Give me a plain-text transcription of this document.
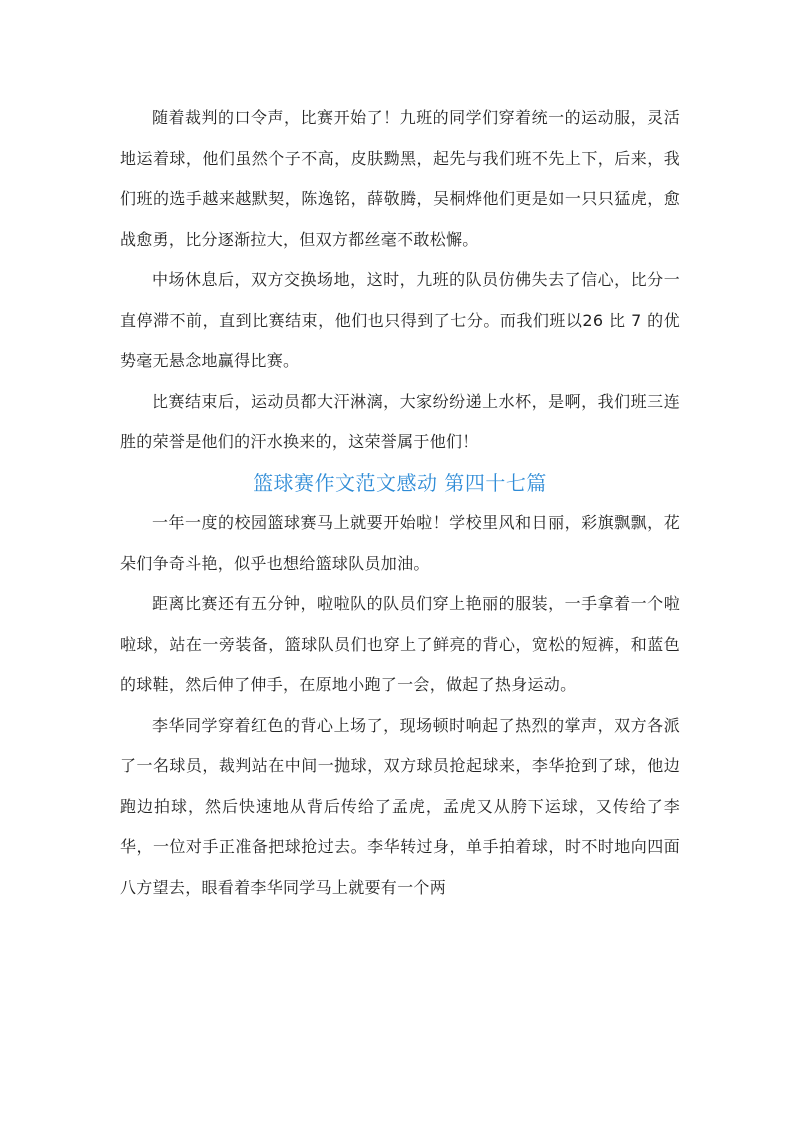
随着裁判的口令声，比赛开始了！九班的同学们穿着统一的运动服，灵活地运着球，他们虽然个子不高，皮肤黝黑，起先与我们班不先上下，后来，我们班的选手越来越默契，陈逸铭，薛敬腾，吴桐烨他们更是如一只只猛虎，愈战愈勇，比分逐渐拉大，但双方都丝毫不敢松懈。

中场休息后，双方交换场地，这时，九班的队员仿佛失去了信心，比分一直停滞不前，直到比赛结束，他们也只得到了七分。而我们班以26 比 7 的优势毫无悬念地赢得比赛。

比赛结束后，运动员都大汗淋漓，大家纷纷递上水杯，是啊，我们班三连胜的荣誉是他们的汗水换来的，这荣誉属于他们！

篮球赛作文范文感动 第四十七篇

一年一度的校园篮球赛马上就要开始啦！学校里风和日丽，彩旗飘飘，花朵们争奇斗艳，似乎也想给篮球队员加油。

距离比赛还有五分钟，啦啦队的队员们穿上艳丽的服装，一手拿着一个啦啦球，站在一旁装备，篮球队员们也穿上了鲜亮的背心，宽松的短裤，和蓝色的球鞋，然后伸了伸手，在原地小跑了一会，做起了热身运动。

李华同学穿着红色的背心上场了，现场顿时响起了热烈的掌声，双方各派了一名球员，裁判站在中间一抛球，双方球员抢起球来，李华抢到了球，他边跑边拍球，然后快速地从背后传给了孟虎，孟虎又从胯下运球，又传给了李华，一位对手正准备把球抢过去。李华转过身，单手拍着球，时不时地向四面八方望去，眼看着李华同学马上就要有一个两
